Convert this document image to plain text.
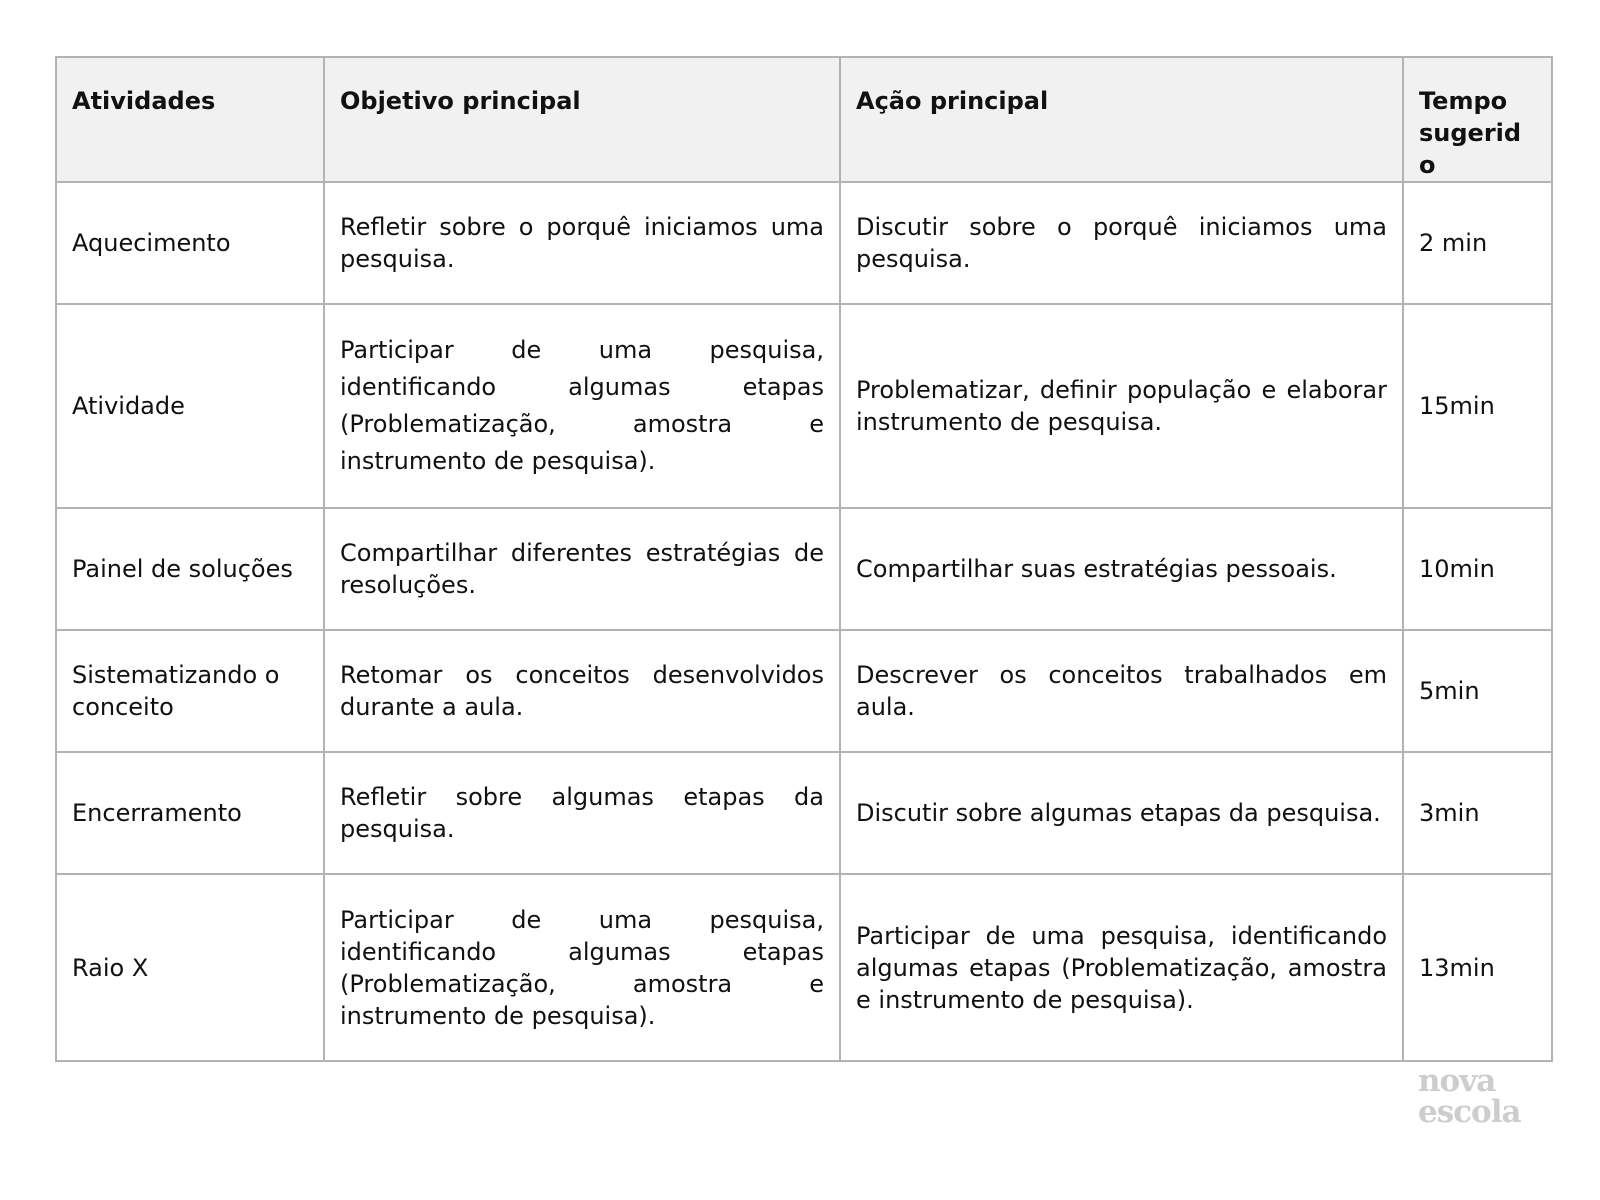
Atividades	Objetivo principal	Ação principal	Tempo sugerido
Aquecimento	Refletir sobre o porquê iniciamos uma pesquisa.	Discutir sobre o porquê iniciamos uma pesquisa.	2 min
Atividade	Participar de uma pesquisa, identificando algumas etapas (Problematização, amostra e instrumento de pesquisa).	Problematizar, definir população e elaborar instrumento de pesquisa.	15min
Painel de soluções	Compartilhar diferentes estratégias de resoluções.	Compartilhar suas estratégias pessoais.	10min
Sistematizando o conceito	Retomar os conceitos desenvolvidos durante a aula.	Descrever os conceitos trabalhados em aula.	5min
Encerramento	Refletir sobre algumas etapas da pesquisa.	Discutir sobre algumas etapas da pesquisa.	3min
Raio X	Participar de uma pesquisa, identificando algumas etapas (Problematização, amostra e instrumento de pesquisa).	Participar de uma pesquisa, identificando algumas etapas (Problematização, amostra e instrumento de pesquisa).	13min
nova
escola
